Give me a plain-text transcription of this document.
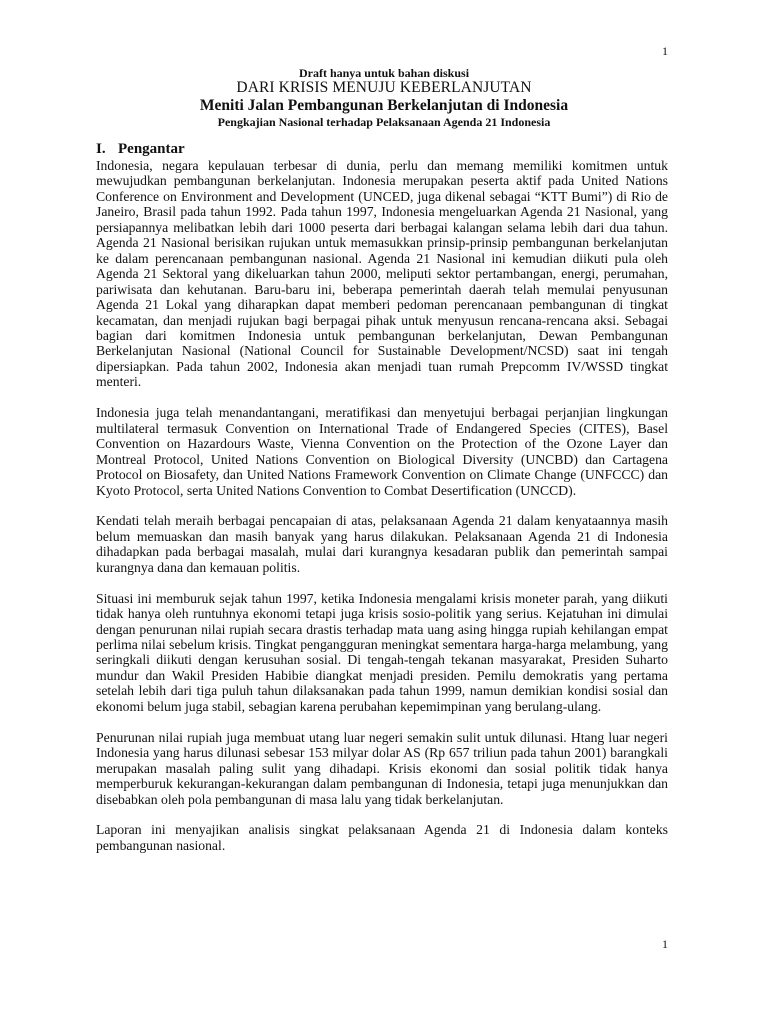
1
Draft hanya untuk bahan diskusi
DARI KRISIS MENUJU KEBERLANJUTAN
Meniti Jalan Pembangunan Berkelanjutan di Indonesia
Pengkajian Nasional terhadap Pelaksanaan Agenda 21 Indonesia
I. Pengantar

Indonesia, negara kepulauan terbesar di dunia, perlu dan memang memiliki komitmen untuk mewujudkan pembangunan berkelanjutan. Indonesia merupakan peserta aktif pada United Nations Conference on Environment and Development (UNCED, juga dikenal sebagai “KTT Bumi”) di Rio de Janeiro, Brasil pada tahun 1992. Pada tahun 1997, Indonesia mengeluarkan Agenda 21 Nasional, yang persiapannya melibatkan lebih dari 1000 peserta dari berbagai kalangan selama lebih dari dua tahun. Agenda 21 Nasional berisikan rujukan untuk memasukkan prinsip-prinsip pembangunan berkelanjutan ke dalam perencanaan pembangunan nasional. Agenda 21 Nasional ini kemudian diikuti pula oleh Agenda 21 Sektoral yang dikeluarkan tahun 2000, meliputi sektor pertambangan, energi, perumahan, pariwisata dan kehutanan. Baru-baru ini, beberapa pemerintah daerah telah memulai penyusunan Agenda 21 Lokal yang diharapkan dapat memberi pedoman perencanaan pembangunan di tingkat kecamatan, dan menjadi rujukan bagi berpagai pihak untuk menyusun rencana-rencana aksi. Sebagai bagian dari komitmen Indonesia untuk pembangunan berkelanjutan, Dewan Pembangunan Berkelanjutan Nasional (National Council for Sustainable Development/NCSD) saat ini tengah dipersiapkan. Pada tahun 2002, Indonesia akan menjadi tuan rumah Prepcomm IV/WSSD tingkat menteri.

Indonesia juga telah menandantangani, meratifikasi dan menyetujui berbagai perjanjian lingkungan multilateral termasuk Convention on International Trade of Endangered Species (CITES), Basel Convention on Hazardours Waste, Vienna Convention on the Protection of the Ozone Layer dan Montreal Protocol, United Nations Convention on Biological Diversity (UNCBD) dan Cartagena Protocol on Biosafety, dan United Nations Framework Convention on Climate Change (UNFCCC) dan Kyoto Protocol, serta United Nations Convention to Combat Desertification (UNCCD).

Kendati telah meraih berbagai pencapaian di atas, pelaksanaan Agenda 21 dalam kenyataannya masih belum memuaskan dan masih banyak yang harus dilakukan. Pelaksanaan Agenda 21 di Indonesia dihadapkan pada berbagai masalah, mulai dari kurangnya kesadaran publik dan pemerintah sampai kurangnya dana dan kemauan politis.

Situasi ini memburuk sejak tahun 1997, ketika Indonesia mengalami krisis moneter parah, yang diikuti tidak hanya oleh runtuhnya ekonomi tetapi juga krisis sosio-politik yang serius. Kejatuhan ini dimulai dengan penurunan nilai rupiah secara drastis terhadap mata uang asing hingga rupiah kehilangan empat perlima nilai sebelum krisis. Tingkat pengangguran meningkat sementara harga-harga melambung, yang seringkali diikuti dengan kerusuhan sosial. Di tengah-tengah tekanan masyarakat, Presiden Suharto mundur dan Wakil Presiden Habibie diangkat menjadi presiden. Pemilu demokratis yang pertama setelah lebih dari tiga puluh tahun dilaksanakan pada tahun 1999, namun demikian kondisi sosial dan ekonomi belum juga stabil, sebagian karena perubahan kepemimpinan yang berulang-ulang.

Penurunan nilai rupiah juga membuat utang luar negeri semakin sulit untuk dilunasi. Htang luar negeri Indonesia yang harus dilunasi sebesar 153 milyar dolar AS (Rp 657 triliun pada tahun 2001) barangkali merupakan masalah paling sulit yang dihadapi. Krisis ekonomi dan sosial politik tidak hanya memperburuk kekurangan-kekurangan dalam pembangunan di Indonesia, tetapi juga menunjukkan dan disebabkan oleh pola pembangunan di masa lalu yang tidak berkelanjutan.

Laporan ini menyajikan analisis singkat pelaksanaan Agenda 21 di Indonesia dalam konteks pembangunan nasional.

1
